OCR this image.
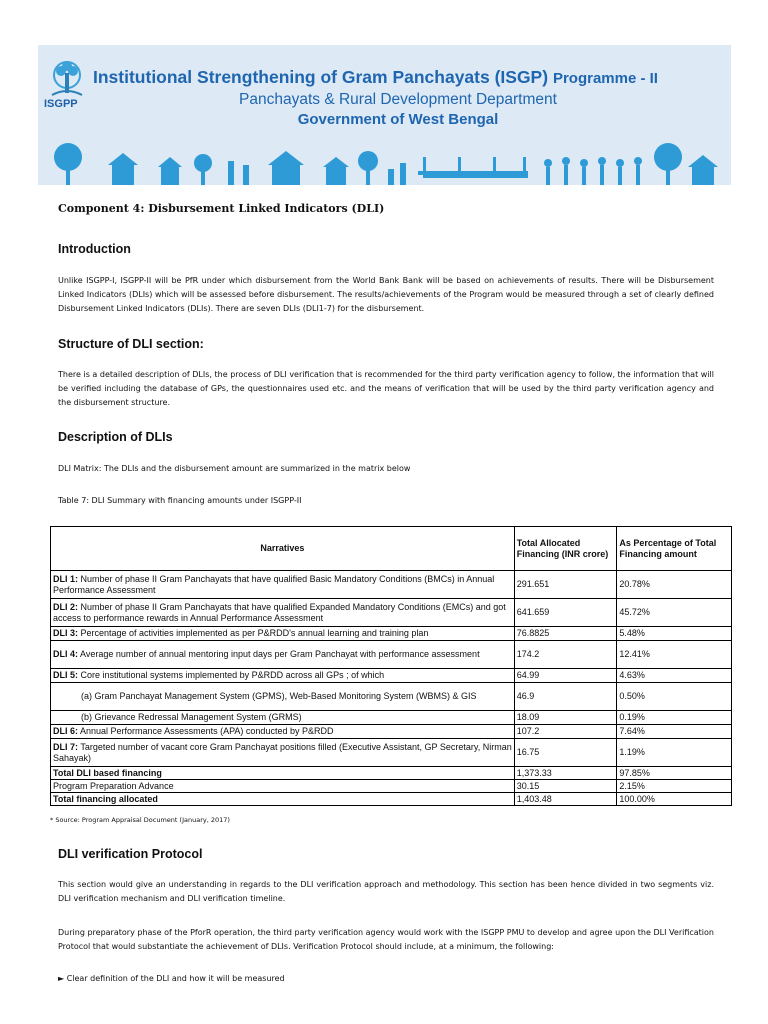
ISGPP
Institutional Strengthening of Gram Panchayats (ISGP) Programme - II
Panchayats & Rural Development Department
Government of West Bengal
Component 4: Disbursement Linked Indicators (DLI)
Introduction
Unlike ISGPP-I, ISGPP-II will be PfR under which disbursement from the World Bank Bank will be based on achievements of results. There will be Disbursement Linked Indicators (DLIs) which will be assessed before disbursement. The results/achievements of the Program would be measured through a set of clearly defined Disbursement Linked Indicators (DLIs). There are seven DLIs (DLI1-7) for the disbursement.
Structure of DLI section:
There is a detailed description of DLIs, the process of DLI verification that is recommended for the third party verification agency to follow, the information that will be verified including the database of GPs, the questionnaires used etc. and the means of verification that will be used by the third party verification agency and the disbursement structure.
Description of DLIs
DLI Matrix: The DLIs and the disbursement amount are summarized in the matrix below
Table 7: DLI Summary with financing amounts under ISGPP-II
Narratives	Total Allocated Financing (INR crore)	As Percentage of Total Financing amount
DLI 1: Number of phase II Gram Panchayats that have qualified Basic Mandatory Conditions (BMCs) in Annual Performance Assessment	291.651	20.78%
DLI 2: Number of phase II Gram Panchayats that have qualified Expanded Mandatory Conditions (EMCs) and got access to performance rewards in Annual Performance Assessment	641.659	45.72%
DLI 3: Percentage of activities implemented as per P&RDD's annual learning and training plan	76.8825	5.48%
DLI 4: Average number of annual mentoring input days per Gram Panchayat with performance assessment	174.2	12.41%
DLI 5: Core institutional systems implemented by P&RDD across all GPs ; of which	64.99	4.63%
(a) Gram Panchayat Management System (GPMS), Web-Based Monitoring System (WBMS) & GIS	46.9	0.50%
(b) Grievance Redressal Management System (GRMS)	18.09	0.19%
DLI 6: Annual Performance Assessments (APA) conducted by P&RDD	107.2	7.64%
DLI 7: Targeted number of vacant core Gram Panchayat positions filled (Executive Assistant, GP Secretary, Nirman Sahayak)	16.75	1.19%
Total DLI based financing	1,373.33	97.85%
Program Preparation Advance	30.15	2.15%
Total financing allocated	1,403.48	100.00%
* Source: Program Appraisal Document (January, 2017)
DLI verification Protocol
This section would give an understanding in regards to the DLI verification approach and methodology. This section has been hence divided in two segments viz. DLI verification mechanism and DLI verification timeline.
During preparatory phase of the PforR operation, the third party verification agency would work with the ISGPP PMU to develop and agree upon the DLI Verification Protocol that would substantiate the achievement of DLIs. Verification Protocol should include, at a minimum, the following:
► Clear definition of the DLI and how it will be measured
